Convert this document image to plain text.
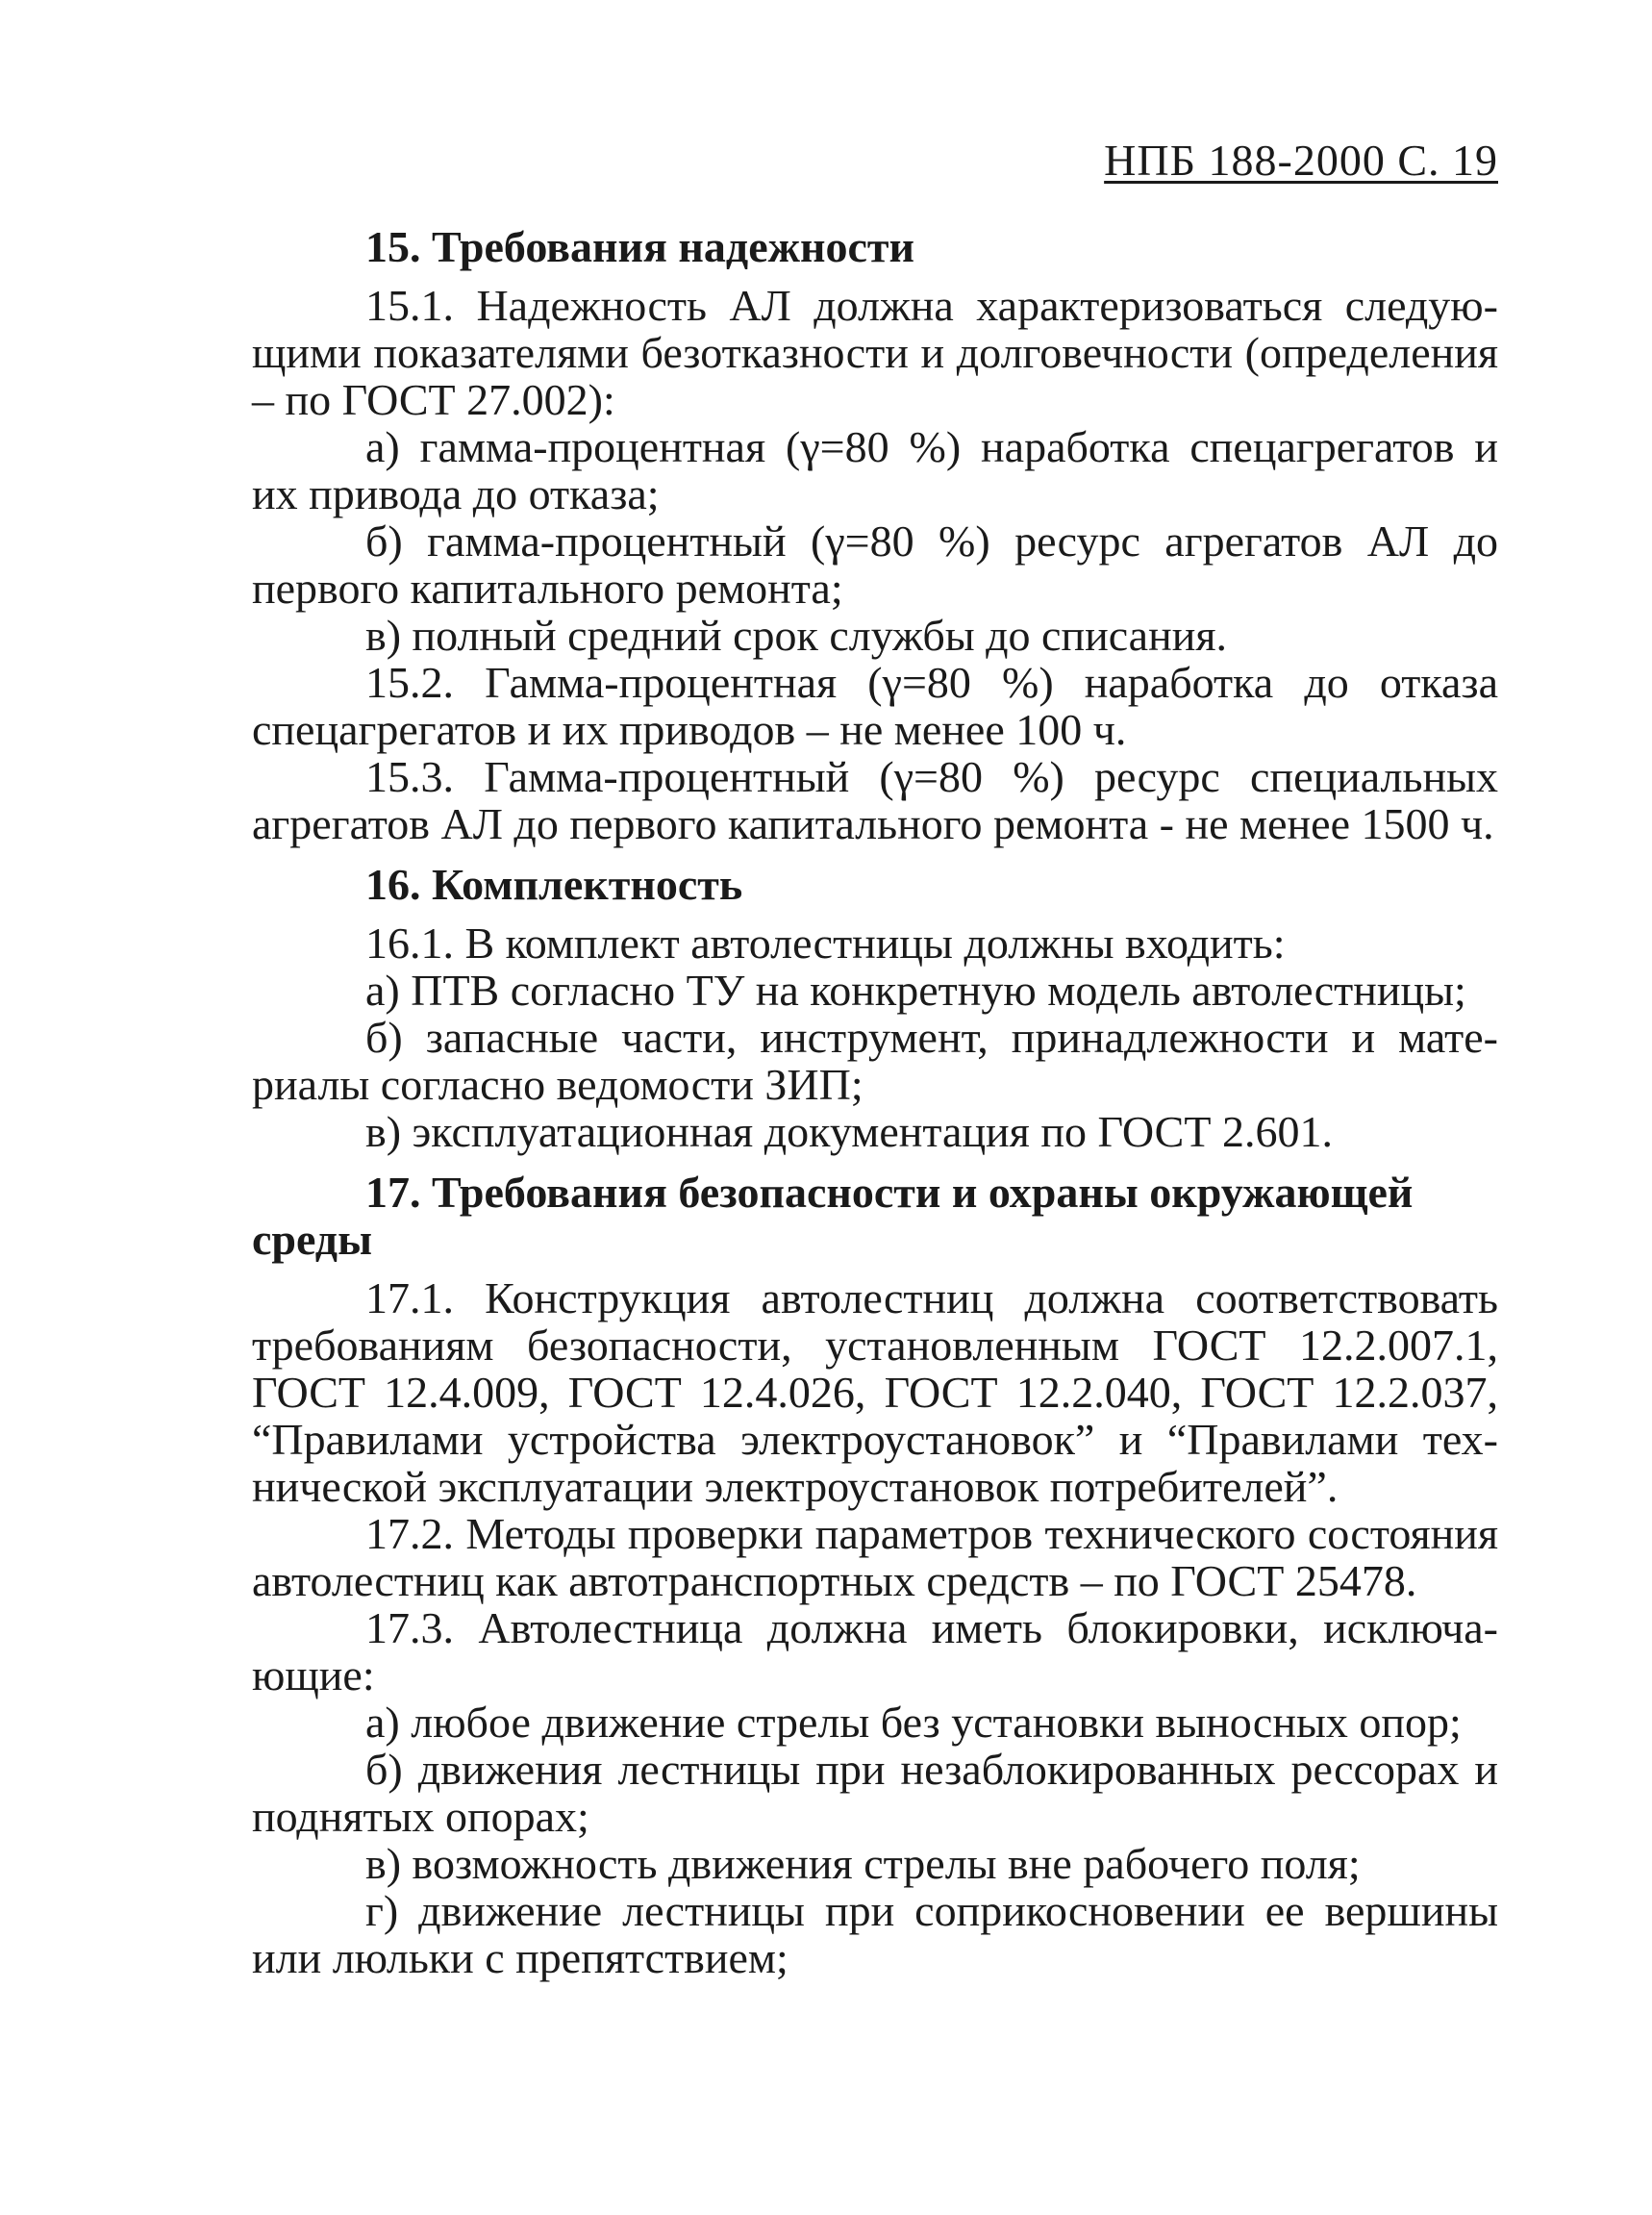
НПБ 188-2000 С. 19

15. Требования надежности

15.1. Надежность АЛ должна характеризоваться следующими показателями безотказности и долговечности (определения – по ГОСТ 27.002):

а) гамма-процентная (γ=80 %) наработка спецагрегатов и их привода до отказа;

б) гамма-процентный (γ=80 %) ресурс агрегатов АЛ до первого капитального ремонта;

в) полный средний срок службы до списания.

15.2. Гамма-процентная (γ=80 %) наработка до отказа спецагрегатов и их приводов – не менее 100 ч.

15.3. Гамма-процентный (γ=80 %) ресурс специальных агрегатов АЛ до первого капитального ремонта - не менее 1500 ч.

16. Комплектность

16.1. В комплект автолестницы должны входить:

а) ПТВ согласно ТУ на конкретную модель автолестницы;

б) запасные части, инструмент, принадлежности и материалы согласно ведомости ЗИП;

в) эксплуатационная документация по ГОСТ 2.601.

17. Требования безопасности и охраны окружающей среды

17.1. Конструкция автолестниц должна соответствовать требованиям безопасности, установленным ГОСТ 12.2.007.1, ГОСТ 12.4.009, ГОСТ 12.4.026, ГОСТ 12.2.040, ГОСТ 12.2.037, “Правилами устройства электроустановок” и “Правилами технической эксплуатации электроустановок потребителей”.

17.2. Методы проверки параметров технического состояния автолестниц как автотранспортных средств – по ГОСТ 25478.

17.3. Автолестница должна иметь блокировки, исключающие:

а) любое движение стрелы без установки выносных опор;

б) движения лестницы при незаблокированных рессорах и поднятых опорах;

в) возможность движения стрелы вне рабочего поля;

г) движение лестницы при соприкосновении ее вершины или люльки с препятствием;
